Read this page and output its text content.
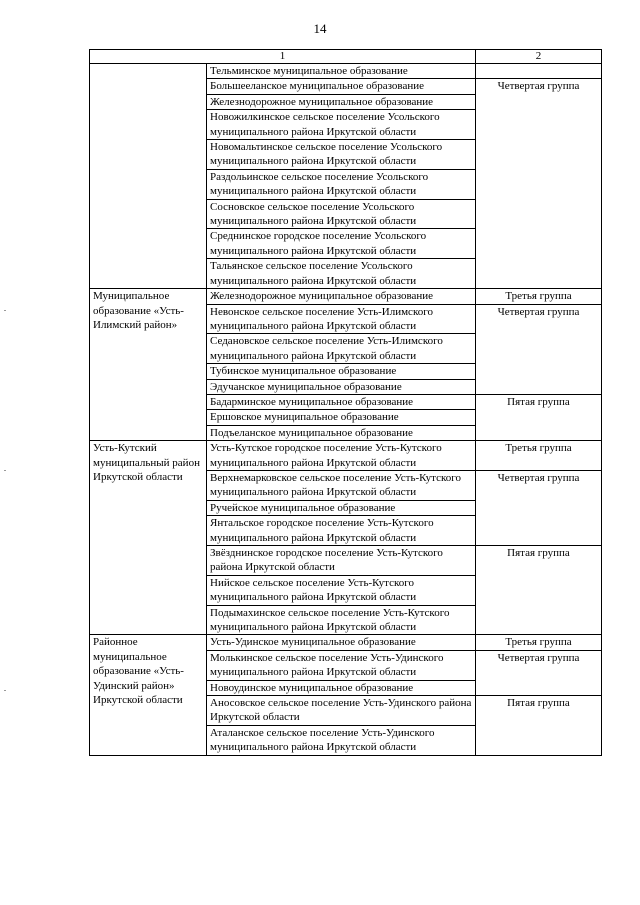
14
1		2
	Тельминское муниципальное образование	
	Большееланское муниципальное образование	Четвертая группа
	Железнодорожное муниципальное образование	
	Новожилкинское сельское поселение Усольского муниципального района Иркутской области	
	Новомальтинское сельское поселение Усольского муниципального района Иркутской области	
	Раздольинское сельское поселение Усольского муниципального района Иркутской области	
	Сосновское сельское поселение Усольского муниципального района Иркутской области	
	Среднинское городское поселение Усольского муниципального района Иркутской области	
	Тальянское сельское поселение Усольского муниципального района Иркутской области	
Муниципальное образование «Усть-Илимский район»	Железнодорожное муниципальное образование	Третья группа
	Невонское сельское поселение Усть-Илимского муниципального района Иркутской области	Четвертая группа
	Седановское сельское поселение Усть-Илимского муниципального района Иркутской области	
	Тубинское муниципальное образование	
	Эдучанское муниципальное образование	
	Бадарминское муниципальное образование	Пятая группа
	Ершовское муниципальное образование	
	Подъеланское муниципальное образование	
Усть-Кутский муниципальный район Иркутской области	Усть-Кутское городское поселение Усть-Кутского муниципального района Иркутской области	Третья группа
	Верхнемарковское сельское поселение Усть-Кутского муниципального района Иркутской области	Четвертая группа
	Ручейское муниципальное образование	
	Янтальское городское поселение Усть-Кутского муниципального района Иркутской области	
	Звёзднинское городское поселение Усть-Кутского района Иркутской области	Пятая группа
	Нийское сельское поселение Усть-Кутского муниципального района Иркутской области	
	Подымахинское сельское поселение Усть-Кутского муниципального района Иркутской области	
Районное муниципальное образование «Усть-Удинский район» Иркутской области	Усть-Удинское муниципальное образование	Третья группа
	Молькинское сельское поселение Усть-Удинского муниципального района Иркутской области	Четвертая группа
	Новоудинское муниципальное образование	
	Аносовское сельское поселение Усть-Удинского района Иркутской области	Пятая группа
	Аталанское сельское поселение Усть-Удинского муниципального района Иркутской области	
